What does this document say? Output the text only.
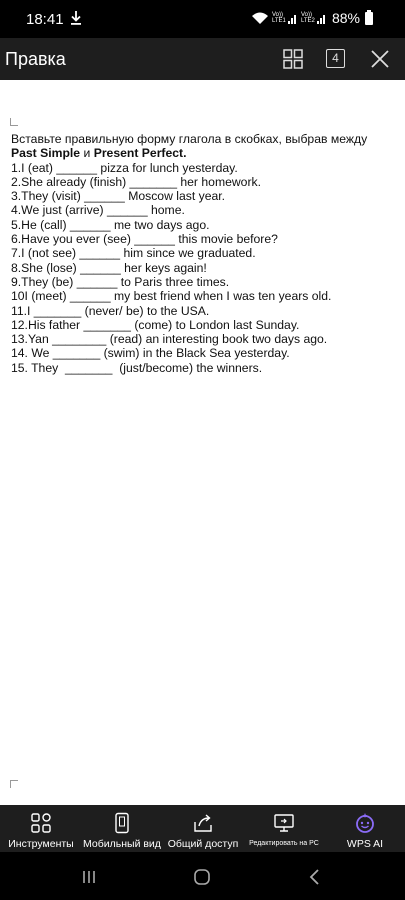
18:41	Vo))
LTE1
Vo))
LTE2 88%
Правка	4
Вставьте правильную форму глагола в скобках, выбрав между
Past Simple и Present Perfect.
1.I (eat) ______ pizza for lunch yesterday.
2.She already (finish) _______ her homework.
3.They (visit) ______ Moscow last year.
4.We just (arrive) ______ home.
5.He (call) ______ me two days ago.
6.Have you ever (see) ______ this movie before?
7.I (not see) ______ him since we graduated.
8.She (lose) ______ her keys again!
9.They (be) ______ to Paris three times.
10I (meet) ______ my best friend when I was ten years old.
11.I _______ (never/ be) to the USA.
12.His father _______ (come) to London last Sunday.
13.Yan ________ (read) an interesting book two days ago.
14. We _______ (swim) in the Black Sea yesterday.
15. They  _______  (just/become) the winners.
Инструменты Мобильный вид Общий доступ	Редактировать на PC	WPS AI
